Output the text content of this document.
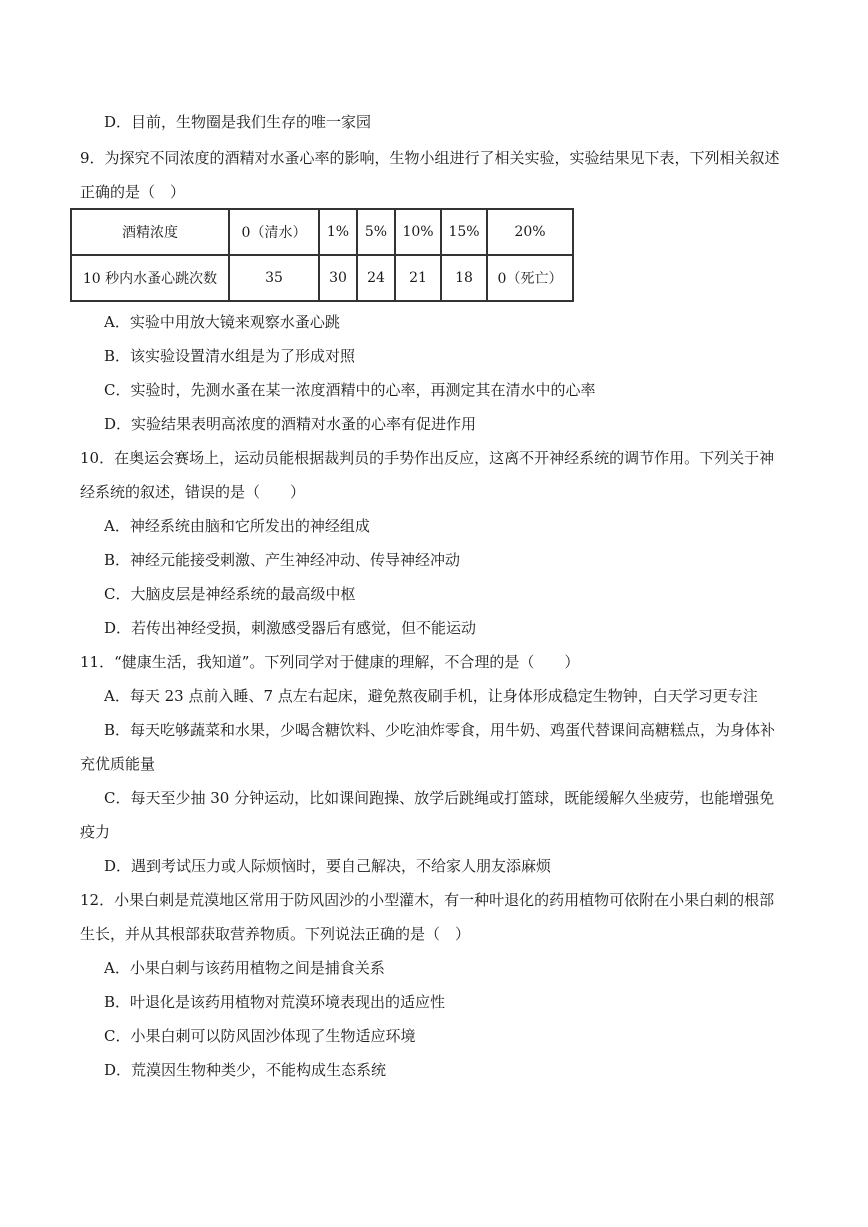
D．目前，生物圈是我们生存的唯一家园
9．为探究不同浓度的酒精对水蚤心率的影响，生物小组进行了相关实验，实验结果见下表，下列相关叙述
正确的是（　）
酒精浓度	0（清水）	1%	5%	10%	15%	20%
10 秒内水蚤心跳次数	35	30	24	21	18	0（死亡）
A．实验中用放大镜来观察水蚤心跳
B．该实验设置清水组是为了形成对照
C．实验时，先测水蚤在某一浓度酒精中的心率，再测定其在清水中的心率
D．实验结果表明高浓度的酒精对水蚤的心率有促进作用
10．在奥运会赛场上，运动员能根据裁判员的手势作出反应，这离不开神经系统的调节作用。下列关于神
经系统的叙述，错误的是（　　）
A．神经系统由脑和它所发出的神经组成
B．神经元能接受刺激、产生神经冲动、传导神经冲动
C．大脑皮层是神经系统的最高级中枢
D．若传出神经受损，刺激感受器后有感觉，但不能运动
11．“健康生活，我知道”。下列同学对于健康的理解，不合理的是（　　）
A．每天 23 点前入睡、7 点左右起床，避免熬夜刷手机，让身体形成稳定生物钟，白天学习更专注
B．每天吃够蔬菜和水果，少喝含糖饮料、少吃油炸零食，用牛奶、鸡蛋代替课间高糖糕点，为身体补
充优质能量
C．每天至少抽 30 分钟运动，比如课间跑操、放学后跳绳或打篮球，既能缓解久坐疲劳，也能增强免
疫力
D．遇到考试压力或人际烦恼时，要自己解决，不给家人朋友添麻烦
12．小果白刺是荒漠地区常用于防风固沙的小型灌木，有一种叶退化的药用植物可依附在小果白刺的根部
生长，并从其根部获取营养物质。下列说法正确的是（　）
A．小果白刺与该药用植物之间是捕食关系
B．叶退化是该药用植物对荒漠环境表现出的适应性
C．小果白刺可以防风固沙体现了生物适应环境
D．荒漠因生物种类少，不能构成生态系统
